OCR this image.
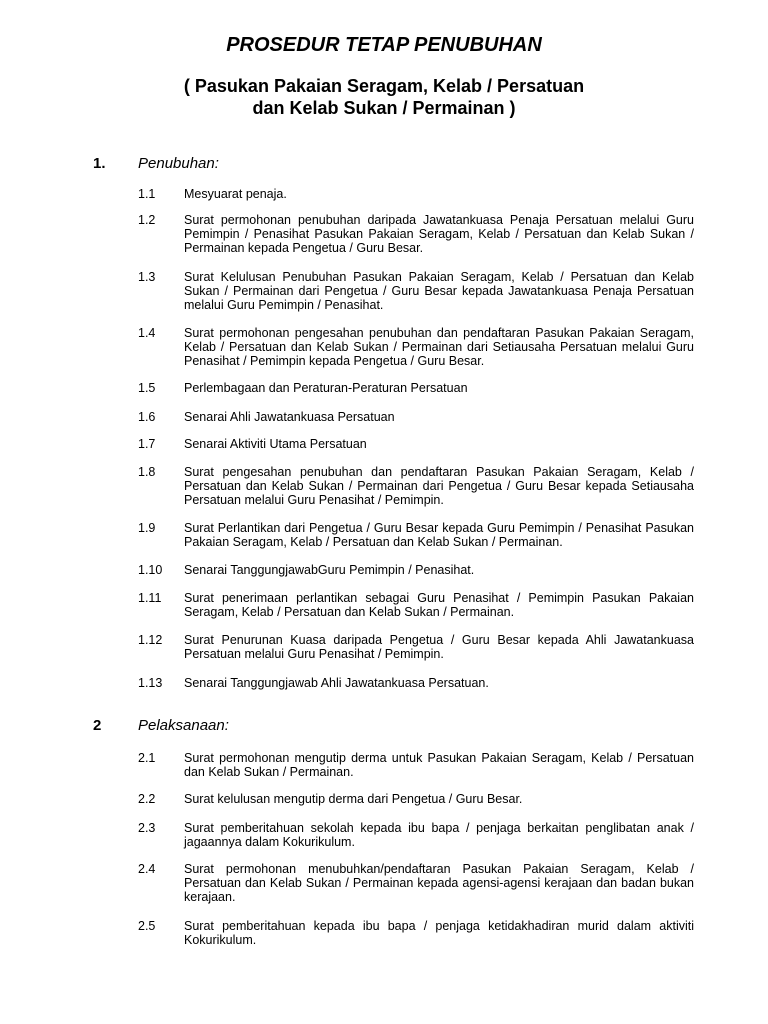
PROSEDUR TETAP PENUBUHAN

( Pasukan Pakaian Seragam, Kelab / Persatuan

dan Kelab Sukan / Permainan )

1. Penubuhan:
1.1 Mesyuarat penaja.
1.2 Surat permohonan penubuhan daripada Jawatankuasa Penaja Persatuan melalui Guru Pemimpin / Penasihat Pasukan Pakaian Seragam, Kelab / Persatuan dan Kelab Sukan / Permainan kepada Pengetua / Guru Besar.
1.3 Surat Kelulusan Penubuhan Pasukan Pakaian Seragam, Kelab / Persatuan dan Kelab Sukan / Permainan dari Pengetua / Guru Besar kepada Jawatankuasa Penaja Persatuan melalui Guru Pemimpin / Penasihat.
1.4 Surat permohonan pengesahan penubuhan dan pendaftaran Pasukan Pakaian Seragam, Kelab / Persatuan dan Kelab Sukan / Permainan dari Setiausaha Persatuan melalui Guru Penasihat / Pemimpin kepada Pengetua / Guru Besar.
1.5 Perlembagaan dan Peraturan-Peraturan Persatuan
1.6 Senarai Ahli Jawatankuasa Persatuan
1.7 Senarai Aktiviti Utama Persatuan
1.8 Surat pengesahan penubuhan dan pendaftaran Pasukan Pakaian Seragam, Kelab / Persatuan dan Kelab Sukan / Permainan dari Pengetua / Guru Besar kepada Setiausaha Persatuan melalui Guru Penasihat / Pemimpin.
1.9 Surat Perlantikan dari Pengetua / Guru Besar kepada Guru Pemimpin / Penasihat Pasukan Pakaian Seragam, Kelab / Persatuan dan Kelab Sukan / Permainan.
1.10 Senarai TanggungjawabGuru Pemimpin / Penasihat.
1.11 Surat penerimaan perlantikan sebagai Guru Penasihat / Pemimpin Pasukan Pakaian Seragam, Kelab / Persatuan dan Kelab Sukan / Permainan.
1.12 Surat Penurunan Kuasa daripada Pengetua / Guru Besar kepada Ahli Jawatankuasa Persatuan melalui Guru Penasihat / Pemimpin.
1.13 Senarai Tanggungjawab Ahli Jawatankuasa Persatuan.
2 Pelaksanaan:
2.1 Surat permohonan mengutip derma untuk Pasukan Pakaian Seragam, Kelab / Persatuan dan Kelab Sukan / Permainan.
2.2 Surat kelulusan mengutip derma dari Pengetua / Guru Besar.
2.3 Surat pemberitahuan sekolah kepada ibu bapa / penjaga berkaitan penglibatan anak / jagaannya dalam Kokurikulum.
2.4 Surat permohonan menubuhkan/pendaftaran Pasukan Pakaian Seragam, Kelab / Persatuan dan Kelab Sukan / Permainan kepada agensi-agensi kerajaan dan badan bukan kerajaan.
2.5 Surat pemberitahuan kepada ibu bapa / penjaga ketidakhadiran murid dalam aktiviti Kokurikulum.
